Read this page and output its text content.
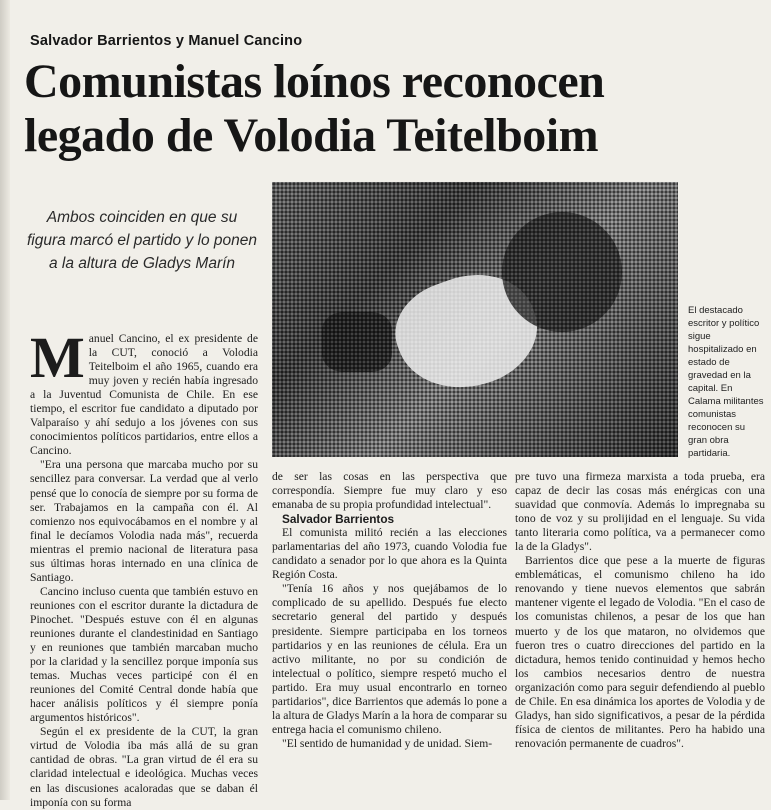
Salvador Barrientos y Manuel Cancino
Comunistas loínos reconocen
legado de Volodia Teitelboim
Ambos coinciden en que su figura marcó el partido y lo ponen a la altura de Gladys Marín
El destacado escritor y político sigue hospitalizado en estado de gravedad en la capital. En Calama militantes comunistas reconocen su gran obra partidaria.

Manuel Cancino, el ex presidente de la CUT, conoció a Volodia Teitelboim el año 1965, cuando era muy joven y recién había ingresado a la Juventud Comunista de Chile. En ese tiempo, el escritor fue candidato a diputado por Valparaíso y ahí sedujo a los jóvenes con sus conocimientos políticos partidarios, entre ellos a Cancino.

"Era una persona que marcaba mucho por su sencillez para conversar. La verdad que al verlo pensé que lo conocía de siempre por su forma de ser. Trabajamos en la campaña con él. Al comienzo nos equivocábamos en el nombre y al final le decíamos Volodia nada más", recuerda mientras el premio nacional de literatura pasa sus últimas horas internado en una clínica de Santiago.

Cancino incluso cuenta que también estuvo en reuniones con el escritor durante la dictadura de Pinochet. "Después estuve con él en algunas reuniones durante el clandestinidad en Santiago y en reuniones que también marcaban mucho por la claridad y la sencillez porque imponía sus temas. Muchas veces participé con él en reuniones del Comité Central donde había que hacer análisis políticos y él siempre ponía argumentos históricos".

Según el ex presidente de la CUT, la gran virtud de Volodia iba más allá de su gran cantidad de obras. "La gran virtud de él era su claridad intelectual e ideológica. Muchas veces en las discusiones acaloradas que se daban él imponía con su forma

de ser las cosas en las perspectiva que correspondía. Siempre fue muy claro y eso emanaba de su propia profundidad intelectual".

Salvador Barrientos

El comunista militó recién a las elecciones parlamentarias del año 1973, cuando Volodia fue candidato a senador por lo que ahora es la Quinta Región Costa.

"Tenía 16 años y nos quejábamos de lo complicado de su apellido. Después fue electo secretario general del partido y después presidente. Siempre participaba en los torneos partidarios y en las reuniones de célula. Era un activo militante, no por su condición de intelectual o político, siempre respetó mucho el partido. Era muy usual encontrarlo en torneo partidarios", dice Barrientos que además lo pone a la altura de Gladys Marín a la hora de comparar su entrega hacia el comunismo chileno.

"El sentido de humanidad y de unidad. Siem-

pre tuvo una firmeza marxista a toda prueba, era capaz de decir las cosas más enérgicas con una suavidad que conmovía. Además lo impregnaba su tono de voz y su prolijidad en el lenguaje. Su vida tanto literaria como política, va a permanecer como la de la Gladys".

Barrientos dice que pese a la muerte de figuras emblemáticas, el comunismo chileno ha ido renovando y tiene nuevos elementos que sabrán mantener vigente el legado de Volodia. "En el caso de los comunistas chilenos, a pesar de los que han muerto y de los que mataron, no olvidemos que fueron tres o cuatro direcciones del partido en la dictadura, hemos tenido continuidad y hemos hecho los cambios necesarios dentro de nuestra organización como para seguir defendiendo al pueblo de Chile. En esa dinámica los aportes de Volodia y de Gladys, han sido significativos, a pesar de la pérdida física de cientos de militantes. Pero ha habido una renovación permanente de cuadros".
